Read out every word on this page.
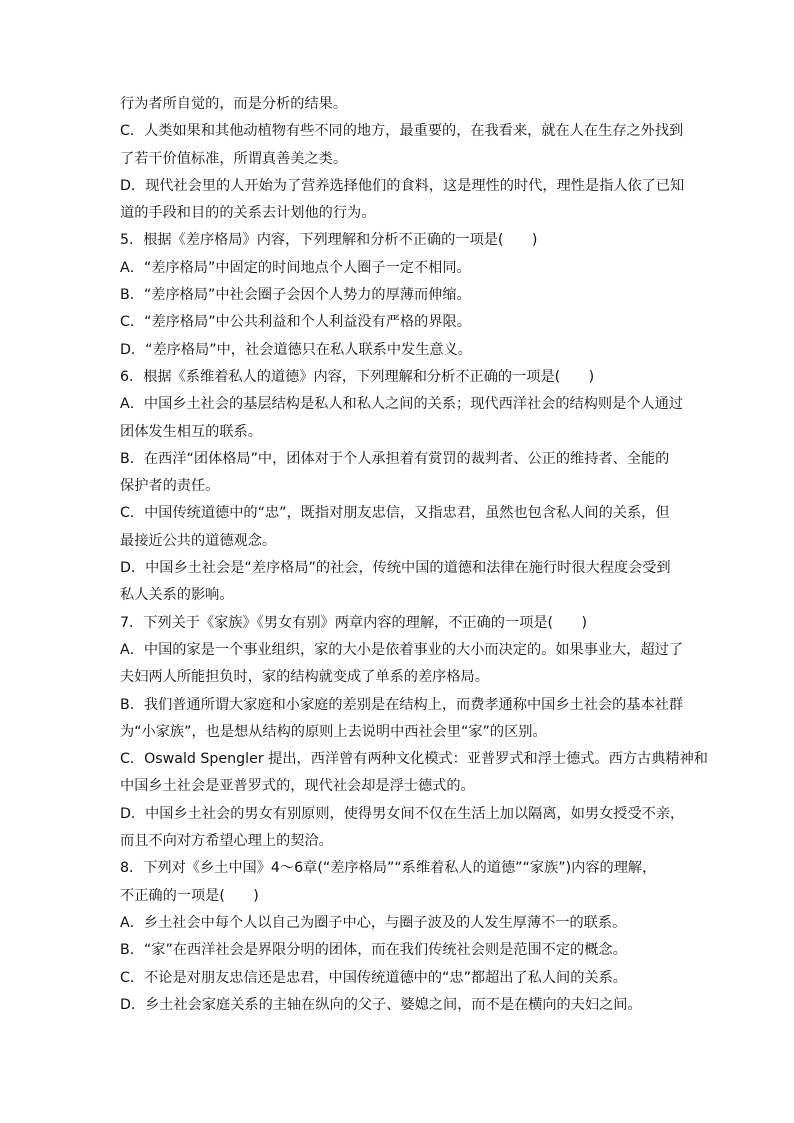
行为者所自觉的，而是分析的结果。
C．人类如果和其他动植物有些不同的地方，最重要的，在我看来，就在人在生存之外找到
了若干价值标准，所谓真善美之类。
D．现代社会里的人开始为了营养选择他们的食料，这是理性的时代，理性是指人依了已知
道的手段和目的的关系去计划他的行为。
5．根据《差序格局》内容，下列理解和分析不正确的一项是(　　)
A．“差序格局”中固定的时间地点个人圈子一定不相同。
B．“差序格局”中社会圈子会因个人势力的厚薄而伸缩。
C．“差序格局”中公共利益和个人利益没有严格的界限。
D．“差序格局”中，社会道德只在私人联系中发生意义。
6．根据《系维着私人的道德》内容，下列理解和分析不正确的一项是(　　)
A．中国乡土社会的基层结构是私人和私人之间的关系；现代西洋社会的结构则是个人通过
团体发生相互的联系。
B．在西洋“团体格局”中，团体对于个人承担着有赏罚的裁判者、公正的维持者、全能的
保护者的责任。
C．中国传统道德中的“忠”，既指对朋友忠信，又指忠君，虽然也包含私人间的关系，但
最接近公共的道德观念。
D．中国乡土社会是“差序格局”的社会，传统中国的道德和法律在施行时很大程度会受到
私人关系的影响。
7．下列关于《家族》《男女有别》两章内容的理解，不正确的一项是(　　)
A．中国的家是一个事业组织，家的大小是依着事业的大小而决定的。如果事业大，超过了
夫妇两人所能担负时，家的结构就变成了单系的差序格局。
B．我们普通所谓大家庭和小家庭的差别是在结构上，而费孝通称中国乡土社会的基本社群
为“小家族”，也是想从结构的原则上去说明中西社会里“家”的区别。
C．Oswald Spengler 提出，西洋曾有两种文化模式：亚普罗式和浮士德式。西方古典精神和
中国乡土社会是亚普罗式的，现代社会却是浮士德式的。
D．中国乡土社会的男女有别原则，使得男女间不仅在生活上加以隔离，如男女授受不亲，
而且不向对方希望心理上的契洽。
8．下列对《乡土中国》4～6章(“差序格局”“系维着私人的道德”“家族”)内容的理解，
不正确的一项是(　　)
A．乡土社会中每个人以自己为圈子中心，与圈子波及的人发生厚薄不一的联系。
B．“家”在西洋社会是界限分明的团体，而在我们传统社会则是范围不定的概念。
C．不论是对朋友忠信还是忠君，中国传统道德中的“忠”都超出了私人间的关系。
D．乡土社会家庭关系的主轴在纵向的父子、婆媳之间，而不是在横向的夫妇之间。
